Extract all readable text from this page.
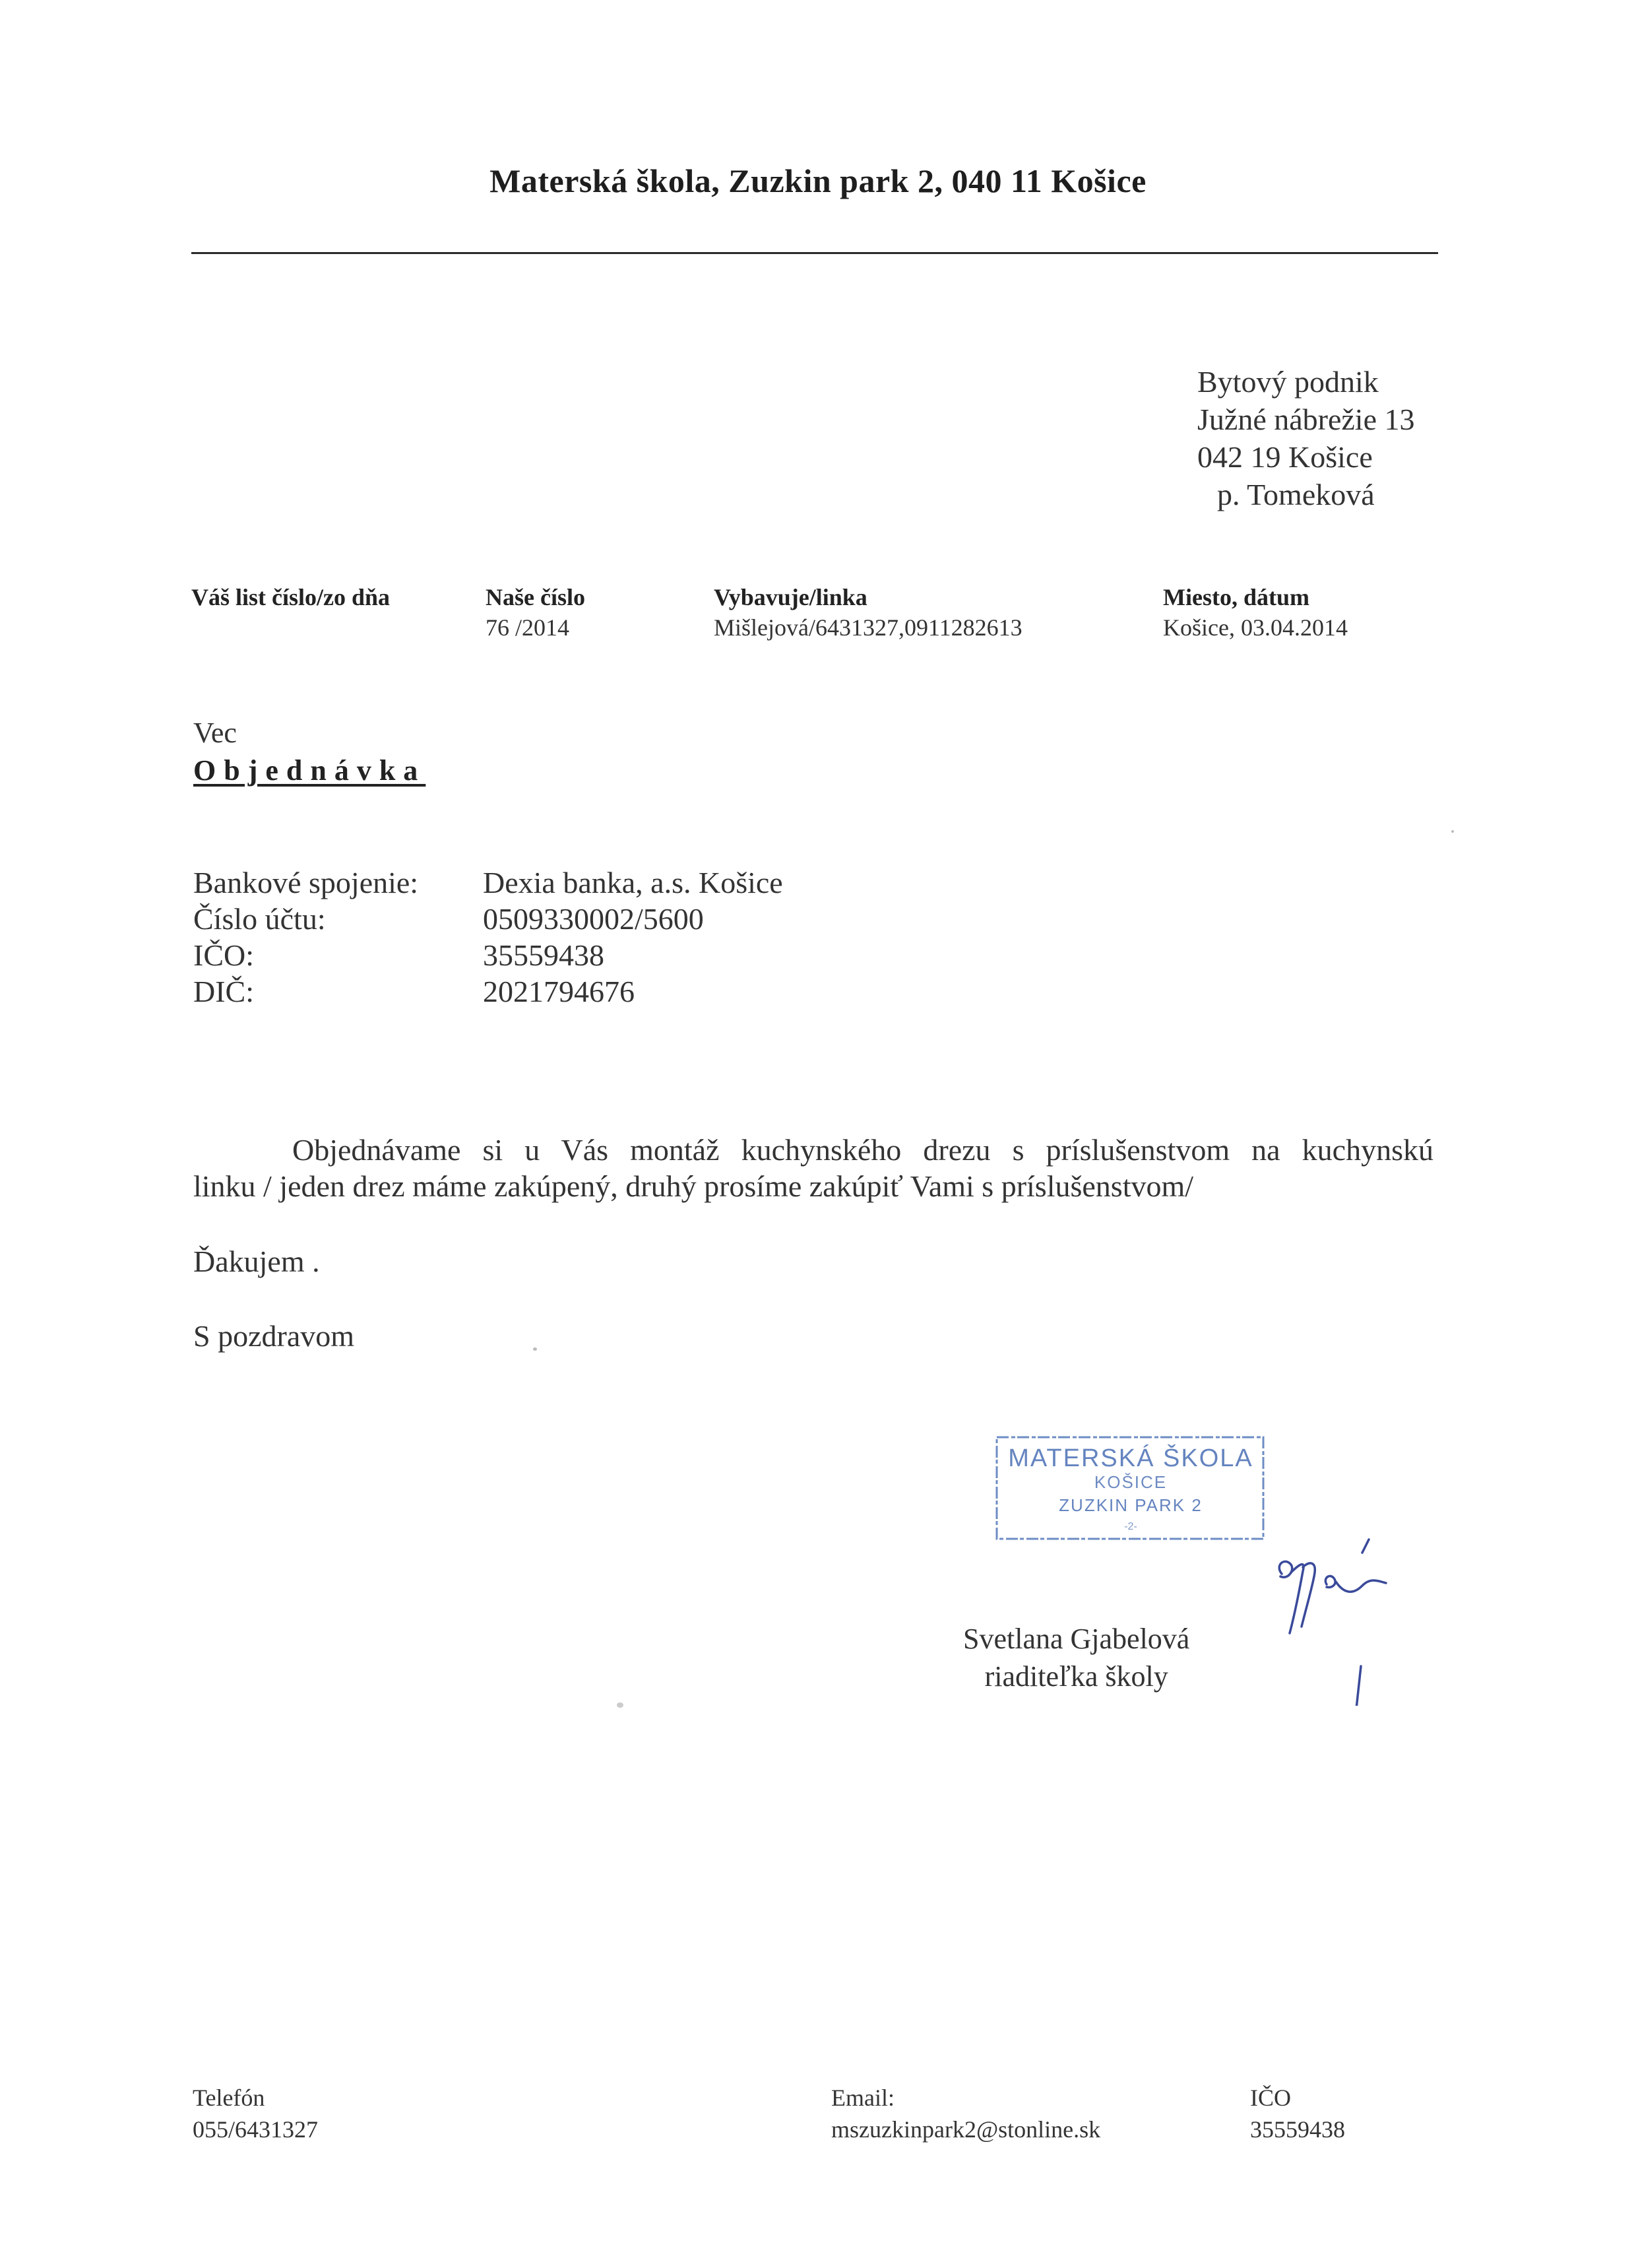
Materská škola, Zuzkin park 2, 040 11 Košice
Bytový podnik
Južné nábrežie 13
042 19 Košice
p. Tomeková
Váš list číslo/zo dňa	Naše číslo
76 /2014
Vybavuje/linka
Mišlejová/6431327,0911282613
Miesto, dátum
Košice, 03.04.2014
Vec
Objednávka
Bankové spojenie:
Číslo účtu:
IČO:
DIČ:
Dexia banka, a.s. Košice
0509330002/5600
35559438
2021794676
Objednávame si u Vás montáž kuchynského drezu s príslušenstvom na kuchynskú
linku / jeden drez máme zakúpený, druhý prosíme zakúpiť Vami s príslušenstvom/
Ďakujem .
S pozdravom
MATERSKÁ ŠKOLA
KOŠICE
ZUZKIN PARK 2
-2-
Svetlana Gjabelová
riaditeľka školy
Telefón
055/6431327
Email:
mszuzkinpark2@stonline.sk
IČO
35559438
